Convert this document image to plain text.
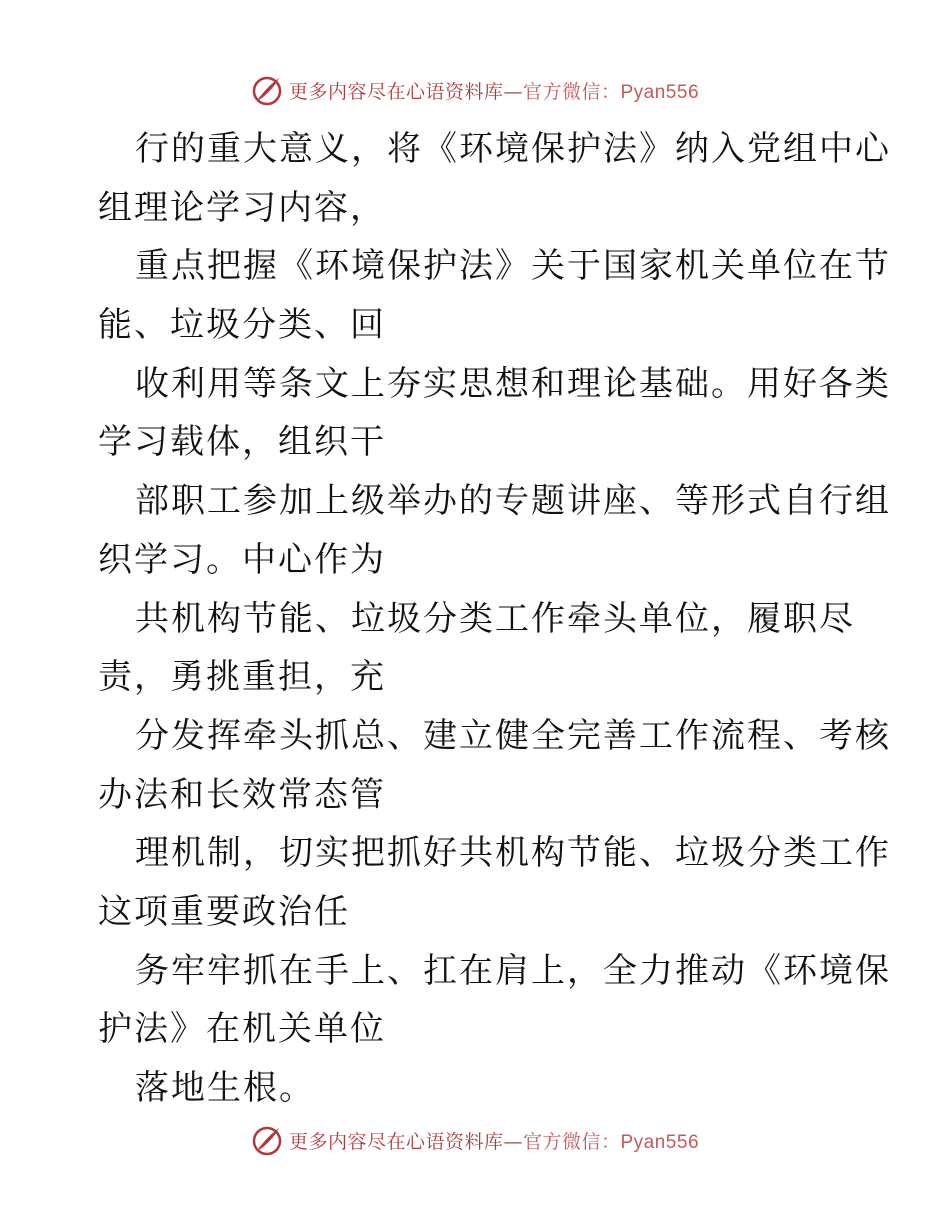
更多内容尽在心语资料库—官方微信：Pyan556
行的重大意义，将《环境保护法》纳入党组中心
组理论学习内容，
重点把握《环境保护法》关于国家机关单位在节
能、垃圾分类、回
收利用等条文上夯实思想和理论基础。用好各类
学习载体，组织干
部职工参加上级举办的专题讲座、等形式自行组
织学习。中心作为
共机构节能、垃圾分类工作牵头单位，履职尽
责，勇挑重担，充
分发挥牵头抓总、建立健全完善工作流程、考核
办法和长效常态管
理机制，切实把抓好共机构节能、垃圾分类工作
这项重要政治任
务牢牢抓在手上、扛在肩上，全力推动《环境保
护法》在机关单位
落地生根。
更多内容尽在心语资料库—官方微信：Pyan556
